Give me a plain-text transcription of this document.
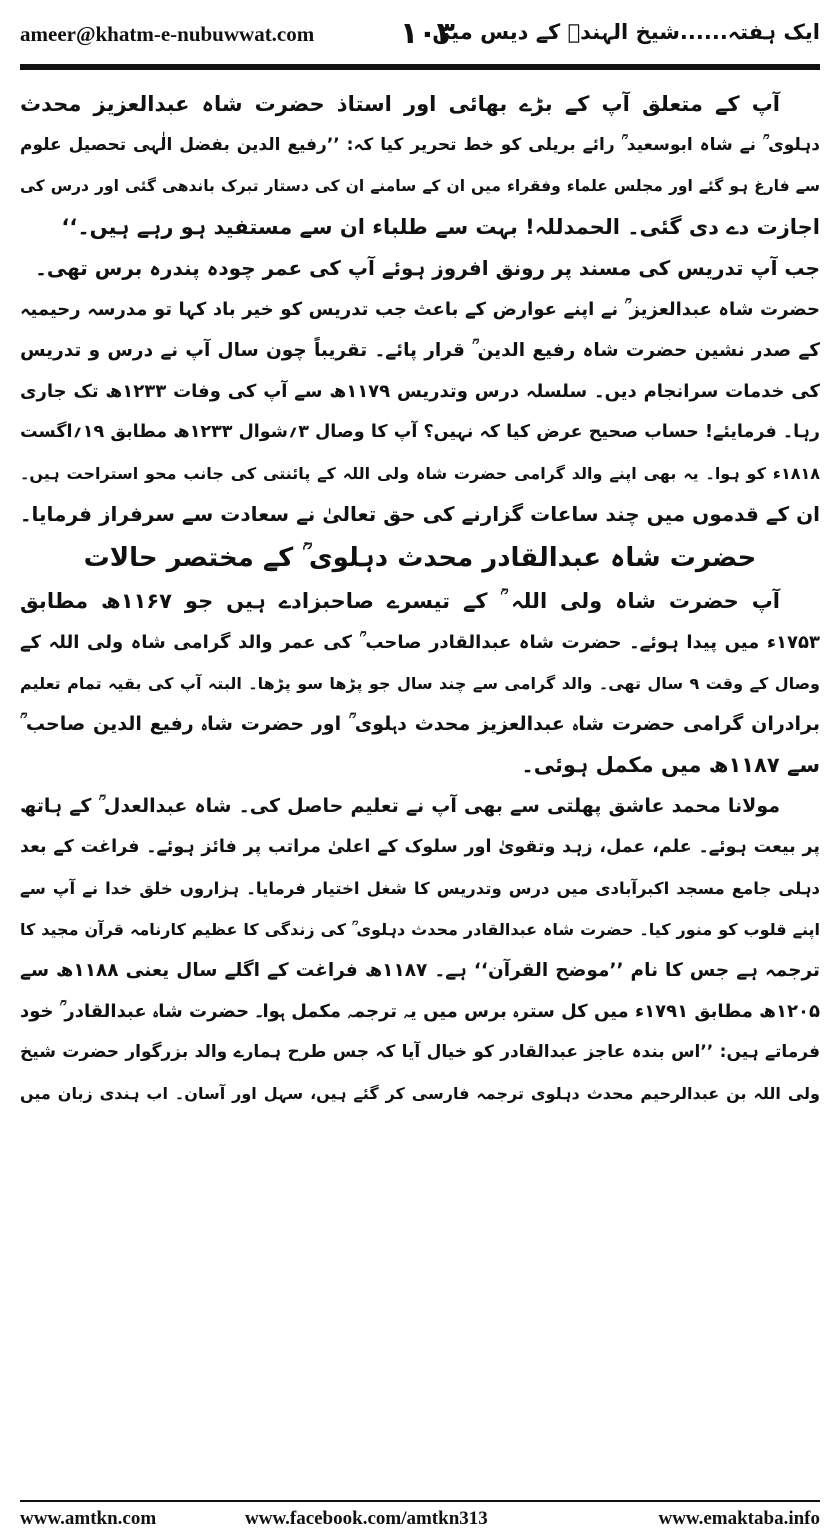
ameer@khatm-e-nubuwwat.com	۱۰۳
ایک ہفتہ......شیخ الہندؒ کے دیس میں
آپ کے متعلق آپ کے بڑے بھائی اور استاذ حضرت شاہ عبدالعزیز محدث
دہلوی ؒ نے شاہ ابوسعید ؒ رائے بریلی کو خط تحریر کیا کہ: ’’رفیع الدین بفضل الٰہی تحصیل علوم
سے فارغ ہو گئے اور مجلس علماء وفقراء میں ان کے سامنے ان کی دستار تبرک باندھی گئی اور درس کی
اجازت دے دی گئی۔ الحمدللہ! بہت سے طلباء ان سے مستفید ہو رہے ہیں۔‘‘
جب آپ تدریس کی مسند پر رونق افروز ہوئے آپ کی عمر چودہ پندرہ برس تھی۔
حضرت شاہ عبدالعزیز ؒ نے اپنے عوارض کے باعث جب تدریس کو خیر باد کہا تو مدرسہ رحیمیہ
کے صدر نشین حضرت شاہ رفیع الدین ؒ قرار پائے۔ تقریباً چون سال آپ نے درس و تدریس
کی خدمات سرانجام دیں۔ سلسلہ درس وتدریس ۱۱۷۹ھ سے آپ کی وفات ۱۲۳۳ھ تک جاری
رہا۔ فرمایئے! حساب صحیح عرض کیا کہ نہیں؟ آپ کا وصال ۳؍شوال ۱۲۳۳ھ مطابق ۱۹؍اگست
۱۸۱۸ء کو ہوا۔ یہ بھی اپنے والد گرامی حضرت شاہ ولی اللہ کے پائنتی کی جانب محو استراحت ہیں۔
ان کے قدموں میں چند ساعات گزارنے کی حق تعالیٰ نے سعادت سے سرفراز فرمایا۔
حضرت شاہ عبدالقادر محدث دہلوی ؒ کے مختصر حالات
آپ حضرت شاہ ولی اللہ ؒ کے تیسرے صاحبزادے ہیں جو ۱۱۶۷ھ مطابق
۱۷۵۳ء میں پیدا ہوئے۔ حضرت شاہ عبدالقادر صاحب ؒ کی عمر والد گرامی شاہ ولی اللہ کے
وصال کے وقت ۹ سال تھی۔ والد گرامی سے چند سال جو پڑھا سو پڑھا۔ البتہ آپ کی بقیہ تمام تعلیم
برادران گرامی حضرت شاہ عبدالعزیز محدث دہلوی ؒ اور حضرت شاہ رفیع الدین صاحب ؒ
سے ۱۱۸۷ھ میں مکمل ہوئی۔
مولانا محمد عاشق پھلتی سے بھی آپ نے تعلیم حاصل کی۔ شاہ عبدالعدل ؒ کے ہاتھ
پر بیعت ہوئے۔ علم، عمل، زہد وتقویٰ اور سلوک کے اعلیٰ مراتب پر فائز ہوئے۔ فراغت کے بعد
دہلی جامع مسجد اکبرآبادی میں درس وتدریس کا شغل اختیار فرمایا۔ ہزاروں خلق خدا نے آپ سے
اپنے قلوب کو منور کیا۔ حضرت شاہ عبدالقادر محدث دہلوی ؒ کی زندگی کا عظیم کارنامہ قرآن مجید کا
ترجمہ ہے جس کا نام ’’موضح القرآن‘‘ ہے۔ ۱۱۸۷ھ فراغت کے اگلے سال یعنی ۱۱۸۸ھ سے
۱۲۰۵ھ مطابق ۱۷۹۱ء میں کل سترہ برس میں یہ ترجمہ مکمل ہوا۔ حضرت شاہ عبدالقادر ؒ خود
فرماتے ہیں: ’’اس بندہ عاجز عبدالقادر کو خیال آیا کہ جس طرح ہمارے والد بزرگوار حضرت شیخ
ولی اللہ بن عبدالرحیم محدث دہلوی ترجمہ فارسی کر گئے ہیں، سہل اور آسان۔ اب ہندی زبان میں
www.amtkn.com	www.facebook.com/amtkn313	www.emaktaba.info
